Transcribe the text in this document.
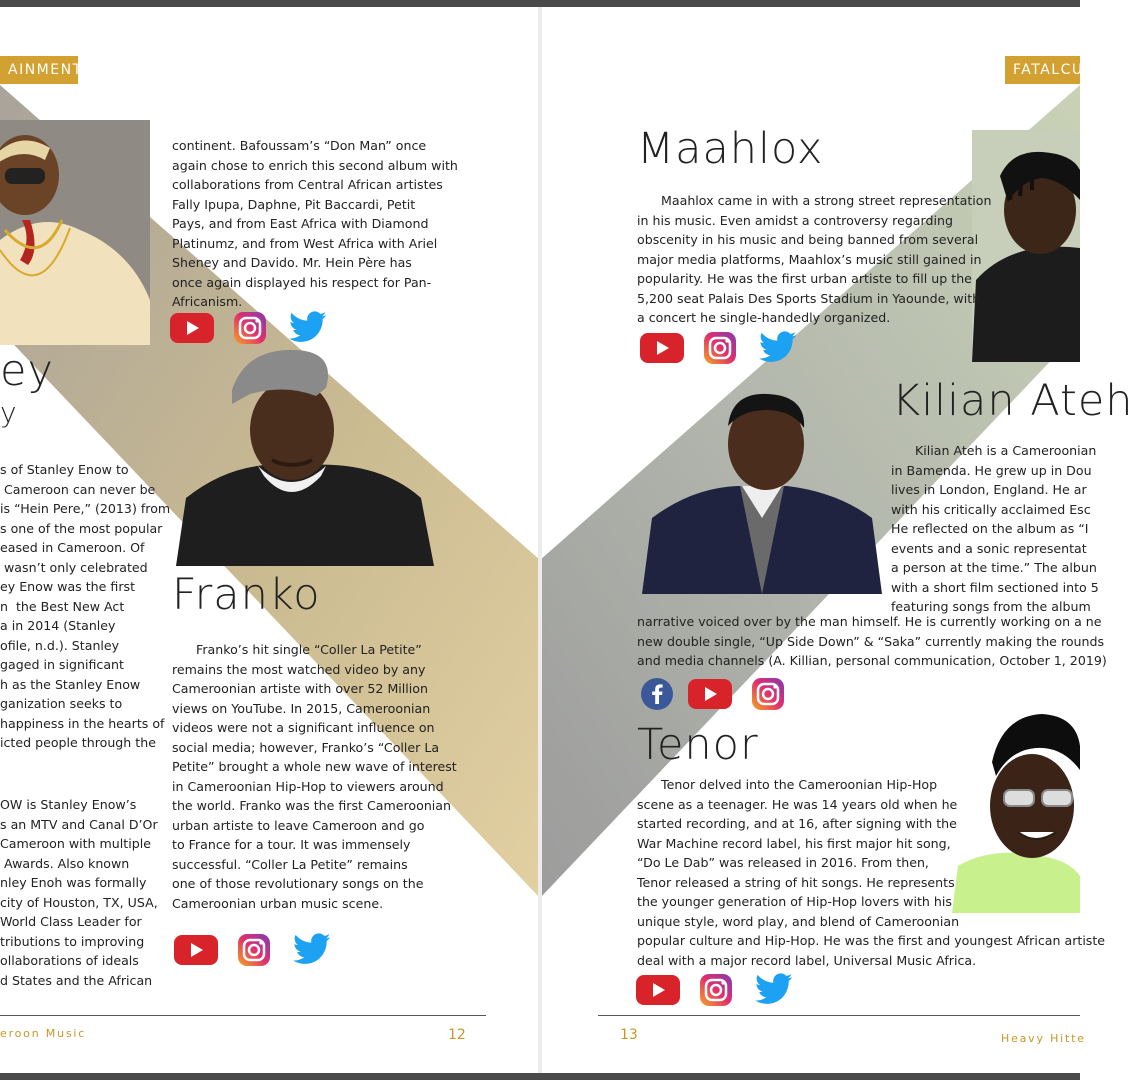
AINMENT	FATALCU
ey
y
s of Stanley Enow to
Cameroon can never be
is “Hein Pere,” (2013) from
s one of the most popular
eased in Cameroon. Of
wasn’t only celebrated
ey Enow was the first
n  the Best New Act
a in 2014 (Stanley
ofile, n.d.). Stanley
gaged in significant
h as the Stanley Enow
ganization seeks to
happiness in the hearts of
icted people through the
OW is Stanley Enow’s
s an MTV and Canal D’Or
Cameroon with multiple
Awards. Also known
nley Enoh was formally
city of Houston, TX, USA,
World Class Leader for
tributions to improving
ollaborations of ideals
d States and the African
continent. Bafoussam’s “Don Man” once
again chose to enrich this second album with
collaborations from Central African artistes
Fally Ipupa, Daphne, Pit Baccardi, Petit
Pays, and from East Africa with Diamond
Platinumz, and from West Africa with Ariel
Sheney and Davido. Mr. Hein Père has
once again displayed his respect for Pan-
Africanism.
Franko
Franko’s hit single “Coller La Petite”
remains the most watched video by any
Cameroonian artiste with over 52 Million
views on YouTube. In 2015, Cameroonian
videos were not a significant influence on
social media; however, Franko’s “Coller La
Petite” brought a whole new wave of interest
in Cameroonian Hip-Hop to viewers around
the world. Franko was the first Cameroonian
urban artiste to leave Cameroon and go
to France for a tour. It was immensely
successful. “Coller La Petite” remains
one of those revolutionary songs on the
Cameroonian urban music scene.
eroon Music	12
Maahlox
Maahlox came in with a strong street representation
in his music. Even amidst a controversy regarding
obscenity in his music and being banned from several
major media platforms, Maahlox’s music still gained in
popularity. He was the first urban artiste to fill up the
5,200 seat Palais Des Sports Stadium in Yaounde, with
a concert he single-handedly organized.
Kilian Ateh
Kilian Ateh is a Cameroonian
in Bamenda. He grew up in Dou
lives in London, England. He ar
with his critically acclaimed Esc
He reflected on the album as “I
events and a sonic representat
a person at the time.” The albun
with a short film sectioned into 5
featuring songs from the album
narrative voiced over by the man himself. He is currently working on a ne
new double single, “Up Side Down” & “Saka” currently making the rounds
and media channels (A. Killian, personal communication, October 1, 2019)
Tenor
Tenor delved into the Cameroonian Hip-Hop
scene as a teenager. He was 14 years old when he
started recording, and at 16, after signing with the
War Machine record label, his first major hit song,
“Do Le Dab” was released in 2016. From then,
Tenor released a string of hit songs. He represents
the younger generation of Hip-Hop lovers with his
unique style, word play, and blend of Cameroonian
popular culture and Hip-Hop. He was the first and youngest African artiste
deal with a major record label, Universal Music Africa.
13	Heavy Hitte
